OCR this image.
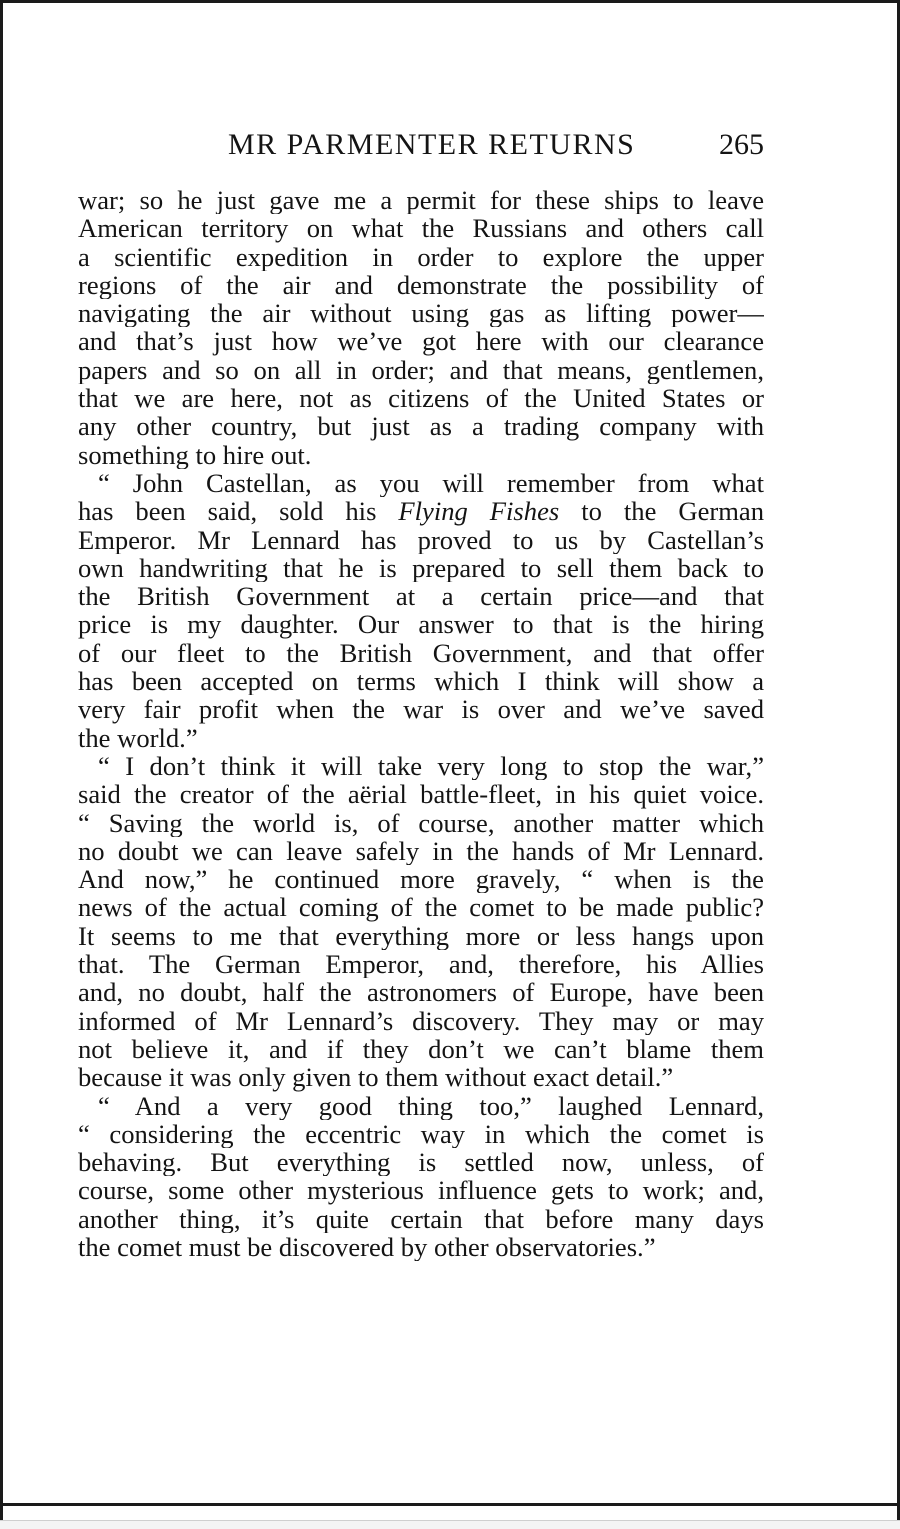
MR PARMENTER RETURNS	265
war; so he just gave me a permit for these ships to leave
American territory on what the Russians and others call
a scientific expedition in order to explore the upper
regions of the air and demonstrate the possibility of
navigating the air without using gas as lifting power—
and that’s just how we’ve got here with our clearance
papers and so on all in order; and that means, gentlemen,
that we are here, not as citizens of the United States or
any other country, but just as a trading company with
something to hire out.
“ John Castellan, as you will remember from what
has been said, sold his Flying Fishes to the German
Emperor. Mr Lennard has proved to us by Castellan’s
own handwriting that he is prepared to sell them back to
the British Government at a certain price—and that
price is my daughter. Our answer to that is the hiring
of our fleet to the British Government, and that offer
has been accepted on terms which I think will show a
very fair profit when the war is over and we’ve saved
the world.”
“ I don’t think it will take very long to stop the war,”
said the creator of the aërial battle-fleet, in his quiet voice.
“ Saving the world is, of course, another matter which
no doubt we can leave safely in the hands of Mr Lennard.
And now,” he continued more gravely, “ when is the
news of the actual coming of the comet to be made public?
It seems to me that everything more or less hangs upon
that. The German Emperor, and, therefore, his Allies
and, no doubt, half the astronomers of Europe, have been
informed of Mr Lennard’s discovery. They may or may
not believe it, and if they don’t we can’t blame them
because it was only given to them without exact detail.”
“ And a very good thing too,” laughed Lennard,
“ considering the eccentric way in which the comet is
behaving. But everything is settled now, unless, of
course, some other mysterious influence gets to work; and,
another thing, it’s quite certain that before many days
the comet must be discovered by other observatories.”
